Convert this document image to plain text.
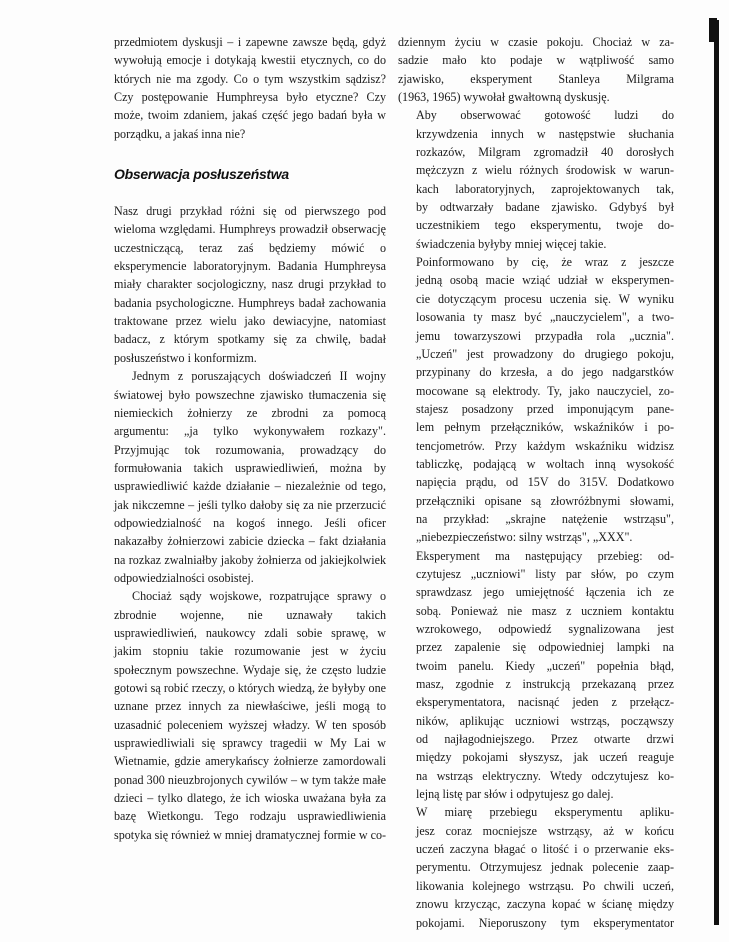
przedmiotem dyskusji – i zapewne zawsze będą, gdyż wywołują emocje i dotykają kwestii etycznych, co do których nie ma zgody. Co o tym wszystkim sądzisz? Czy postępowanie Humphreysa było etyczne? Czy może, twoim zdaniem, jakaś część jego badań była w porządku, a jakaś inna nie?

Obserwacja posłuszeństwa

Nasz drugi przykład różni się od pierwszego pod wieloma względami. Humphreys prowadził obserwację uczestniczącą, teraz zaś będziemy mówić o eksperymencie laboratoryjnym. Badania Humphreysa miały charakter socjologiczny, nasz drugi przykład to badania psychologiczne. Humphreys badał zachowania traktowane przez wielu jako dewiacyjne, natomiast badacz, z którym spotkamy się za chwilę, badał posłuszeństwo i konformizm.

Jednym z poruszających doświadczeń II wojny światowej było powszechne zjawisko tłumaczenia się niemieckich żołnierzy ze zbrodni za pomocą argumentu: „ja tylko wykonywałem rozkazy". Przyjmując tok rozumowania, prowadzący do formułowania takich usprawiedliwień, można by usprawiedliwić każde działanie – niezależnie od tego, jak nikczemne – jeśli tylko dałoby się za nie przerzucić odpowiedzialność na kogoś innego. Jeśli oficer nakazałby żołnierzowi zabicie dziecka – fakt działania na rozkaz zwalniałby jakoby żołnierza od jakiejkolwiek odpowiedzialności osobistej.

Chociaż sądy wojskowe, rozpatrujące sprawy o zbrodnie wojenne, nie uznawały takich usprawiedliwień, naukowcy zdali sobie sprawę, w jakim stopniu takie rozumowanie jest w życiu społecznym powszechne. Wydaje się, że często ludzie gotowi są robić rzeczy, o których wiedzą, że byłyby one uznane przez innych za niewłaściwe, jeśli mogą to uzasadnić poleceniem wyższej władzy. W ten sposób usprawiedliwiali się sprawcy tragedii w My Lai w Wietnamie, gdzie amerykańscy żołnierze zamordowali ponad 300 nieuzbrojonych cywilów – w tym także małe dzieci – tylko dlatego, że ich wioska uważana była za bazę Wietkongu. Tego rodzaju usprawiedliwienia spotyka się również w mniej dramatycznej formie w co-

dziennym życiu w czasie pokoju. Chociaż w za-
sadzie mało kto podaje w wątpliwość samo
zjawisko, eksperyment Stanleya Milgrama
(1963, 1965) wywołał gwałtowną dyskusję.

Aby obserwować gotowość ludzi do
krzywdzenia innych w następstwie słuchania
rozkazów, Milgram zgromadził 40 dorosłych
mężczyzn z wielu różnych środowisk w warun-
kach laboratoryjnych, zaprojektowanych tak,
by odtwarzały badane zjawisko. Gdybyś był
uczestnikiem tego eksperymentu, twoje do-
świadczenia byłyby mniej więcej takie.

Poinformowano by cię, że wraz z jeszcze
jedną osobą macie wziąć udział w eksperymen-
cie dotyczącym procesu uczenia się. W wyniku
losowania ty masz być „nauczycielem", a two-
jemu towarzyszowi przypadła rola „ucznia".
„Uczeń" jest prowadzony do drugiego pokoju,
przypinany do krzesła, a do jego nadgarstków
mocowane są elektrody. Ty, jako nauczyciel, zo-
stajesz posadzony przed imponującym pane-
lem pełnym przełączników, wskaźników i po-
tencjometrów. Przy każdym wskaźniku widzisz
tabliczkę, podającą w woltach inną wysokość
napięcia prądu, od 15V do 315V. Dodatkowo
przełączniki opisane są złowróżbnymi słowami,
na przykład: „skrajne natężenie wstrząsu",
„niebezpieczeństwo: silny wstrząs", „XXX".

Eksperyment ma następujący przebieg: od-
czytujesz „uczniowi" listy par słów, po czym
sprawdzasz jego umiejętność łączenia ich ze
sobą. Ponieważ nie masz z uczniem kontaktu
wzrokowego, odpowiedź sygnalizowana jest
przez zapalenie się odpowiedniej lampki na
twoim panelu. Kiedy „uczeń" popełnia błąd,
masz, zgodnie z instrukcją przekazaną przez
eksperymentatora, nacisnąć jeden z przełącz-
ników, aplikując uczniowi wstrząs, począwszy
od najłagodniejszego. Przez otwarte drzwi
między pokojami słyszysz, jak uczeń reaguje
na wstrząs elektryczny. Wtedy odczytujesz ko-
lejną listę par słów i odpytujesz go dalej.

W miarę przebiegu eksperymentu apliku-
jesz coraz mocniejsze wstrząsy, aż w końcu
uczeń zaczyna błagać o litość i o przerwanie eks-
perymentu. Otrzymujesz jednak polecenie zaap-
likowania kolejnego wstrząsu. Po chwili uczeń,
znowu krzycząc, zaczyna kopać w ścianę między
pokojami. Nieporuszony tym eksperymentator
